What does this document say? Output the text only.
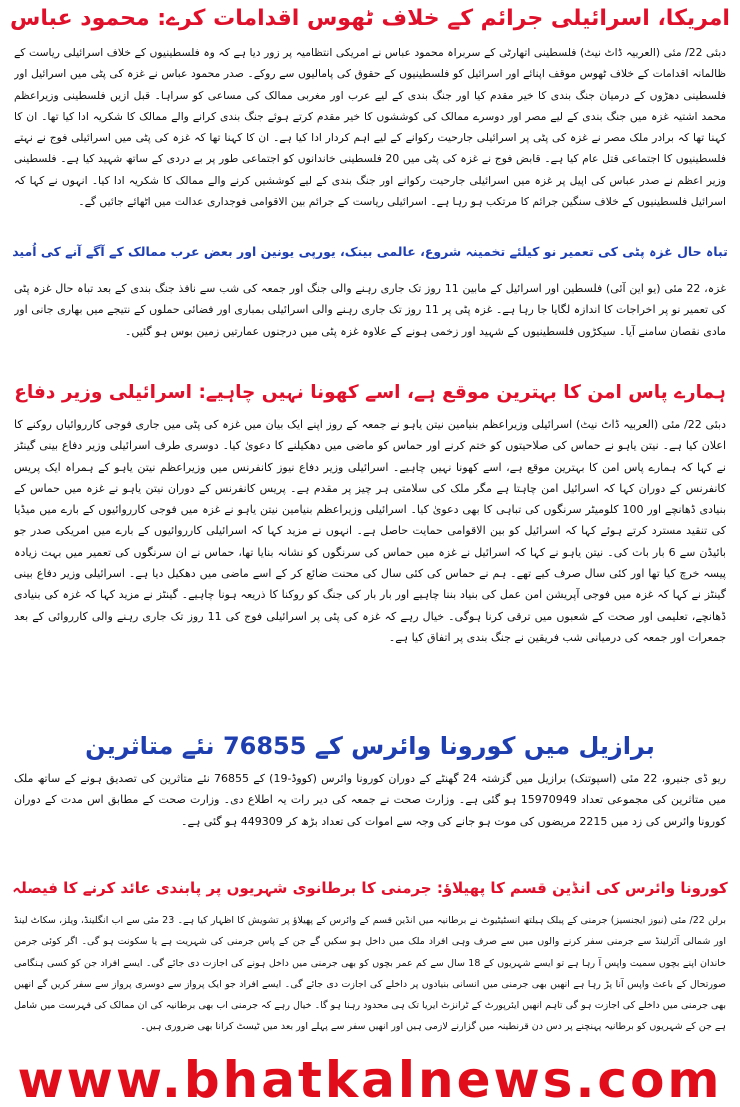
امریکا، اسرائیلی جرائم کے خلاف ٹھوس اقدامات کرے: محمود عباس
دبئی 22/ مئی (العربیہ ڈاٹ نیٹ) فلسطینی اتھارٹی کے سربراہ محمود عباس نے امریکی انتظامیہ پر زور دیا ہے کہ وہ فلسطینیوں کے خلاف اسرائیلی ریاست کے ظالمانہ اقدامات کے خلاف ٹھوس موقف اپنائے اور اسرائیل کو فلسطینیوں کے حقوق کی پامالیوں سے روکے۔ صدر محمود عباس نے غزہ کی پٹی میں اسرائیل اور فلسطینی دھڑوں کے درمیان جنگ بندی کا خیر مقدم کیا اور جنگ بندی کے لیے عرب اور مغربی ممالک کی مساعی کو سراہا۔ قبل ازیں فلسطینی وزیراعظم محمد اشتیہ غزہ میں جنگ بندی کے لیے مصر اور دوسرے ممالک کی کوششوں کا خیر مقدم کرتے ہوئے جنگ بندی کرانے والے ممالک کا شکریہ ادا کیا تھا۔ ان کا کہنا تھا کہ برادر ملک مصر نے غزہ کی پٹی پر اسرائیلی جارحیت رکوانے کے لیے اہم کردار ادا کیا ہے۔ ان کا کہنا تھا کہ غزہ کی پٹی میں اسرائیلی فوج نے نہتے فلسطینیوں کا اجتماعی قتل عام کیا ہے۔ قابض فوج نے غزہ کی پٹی میں 20 فلسطینی خاندانوں کو اجتماعی طور پر بے دردی کے ساتھ شہید کیا ہے۔ فلسطینی وزیر اعظم نے صدر عباس کی اپیل پر غزہ میں اسرائیلی جارحیت رکوانے اور جنگ بندی کے لیے کوششیں کرنے والے ممالک کا شکریہ ادا کیا۔ انہوں نے کہا کہ اسرائیل فلسطینیوں کے خلاف سنگین جرائم کا مرتکب ہو رہا ہے۔ اسرائیلی ریاست کے جرائم بین الاقوامی فوجداری عدالت میں اٹھائے جائیں گے۔
تباہ حال غزہ پٹی کی تعمیر نو کیلئے تخمینہ شروع، عالمی بینک، یورپی یونین اور بعض عرب ممالک کے آگے آنے کی اُمید
غزہ، 22 مئی (یو این آئی) فلسطین اور اسرائیل کے مابین 11 روز تک جاری رہنے والی جنگ اور جمعہ کی شب سے نافذ جنگ بندی کے بعد تباہ حال غزہ پٹی کی تعمیر نو پر اخراجات کا اندازہ لگایا جا رہا ہے۔ غزہ پٹی پر 11 روز تک جاری رہنے والی اسرائیلی بمباری اور فضائی حملوں کے نتیجے میں بھاری جانی اور مادی نقصان سامنے آیا۔ سیکڑوں فلسطینیوں کے شہید اور زخمی ہونے کے علاوہ غزہ پٹی میں درجنوں عمارتیں زمین بوس ہو گئیں۔
ہمارے پاس امن کا بہترین موقع ہے، اسے کھونا نہیں چاہیے: اسرائیلی وزیر دفاع
دبئی 22/ مئی (العربیہ ڈاٹ نیٹ) اسرائیلی وزیراعظم بنیامین نیتن یاہو نے جمعہ کے روز اپنے ایک بیان میں غزہ کی پٹی میں جاری فوجی کارروائیاں روکنے کا اعلان کیا ہے۔ نیتن یاہو نے حماس کی صلاحیتوں کو ختم کرنے اور حماس کو ماضی میں دھکیلنے کا دعویٰ کیا۔ دوسری طرف اسرائیلی وزیر دفاع بینی گینٹز نے کہا کہ ہمارے پاس امن کا بہترین موقع ہے، اسے کھونا نہیں چاہیے۔ اسرائیلی وزیر دفاع نیوز کانفرنس میں وزیراعظم نیتن یاہو کے ہمراہ ایک پریس کانفرنس کے دوران کہا کہ اسرائیل امن چاہتا ہے مگر ملک کی سلامتی ہر چیز پر مقدم ہے۔ پریس کانفرنس کے دوران نیتن یاہو نے غزہ میں حماس کے بنیادی ڈھانچے اور 100 کلومیٹر سرنگوں کی تباہی کا بھی دعویٰ کیا۔ اسرائیلی وزیراعظم بنیامین نیتن یاہو نے غزہ میں فوجی کارروائیوں کے بارے میں میڈیا کی تنقید مسترد کرتے ہوئے کہا کہ اسرائیل کو بین الاقوامی حمایت حاصل ہے۔ انہوں نے مزید کہا کہ اسرائیلی کارروائیوں کے بارے میں امریکی صدر جو بائیڈن سے 6 بار بات کی۔ نیتن یاہو نے کہا کہ اسرائیل نے غزہ میں حماس کی سرنگوں کو نشانہ بنایا تھا، حماس نے ان سرنگوں کی تعمیر میں بہت زیادہ پیسہ خرچ کیا تھا اور کئی سال صرف کیے تھے۔ ہم نے حماس کی کئی سال کی محنت ضائع کر کے اسے ماضی میں دھکیل دیا ہے۔ اسرائیلی وزیر دفاع بینی گینٹز نے کہا کہ غزہ میں فوجی آپریشن امن عمل کی بنیاد بننا چاہیے اور بار بار کی جنگ کو روکنا کا ذریعہ ہونا چاہیے۔ گینٹز نے مزید کہا کہ غزہ کی بنیادی ڈھانچے، تعلیمی اور صحت کے شعبوں میں ترقی کرنا ہوگی۔ خیال رہے کہ غزہ کی پٹی پر اسرائیلی فوج کی 11 روز تک جاری رہنے والی کارروائی کے بعد جمعرات اور جمعہ کی درمیانی شب فریقین نے جنگ بندی پر اتفاق کیا ہے۔
برازیل میں کورونا وائرس کے 76855 نئے متاثرین
ریو ڈی جنیرو، 22 مئی (اسپوتنک) برازیل میں گزشتہ 24 گھنٹے کے دوران کورونا وائرس (کووڈ-19) کے 76855 نئے متاثرین کی تصدیق ہونے کے ساتھ ملک میں متاثرین کی مجموعی تعداد 15970949 ہو گئی ہے۔ وزارت صحت نے جمعہ کی دیر رات یہ اطلاع دی۔ وزارت صحت کے مطابق اس مدت کے دوران کورونا وائرس کی زد میں 2215 مریضوں کی موت ہو جانے کی وجہ سے اموات کی تعداد بڑھ کر 449309 ہو گئی ہے۔
کورونا وائرس کی انڈین قسم کا پھیلاؤ: جرمنی کا برطانوی شہریوں پر پابندی عائد کرنے کا فیصلہ
برلن 22/ مئی (نیوز ایجنسیز) جرمنی کے پبلک ہیلتھ انسٹیٹیوٹ نے برطانیہ میں انڈین قسم کے وائرس کے پھیلاؤ پر تشویش کا اظہار کیا ہے۔ 23 مئی سے اب انگلینڈ، ویلز، سکاٹ لینڈ اور شمالی آئرلینڈ سے جرمنی سفر کرنے والوں میں سے صرف وہی افراد ملک میں داخل ہو سکیں گے جن کے پاس جرمنی کی شہریت ہے یا سکونت ہو گی۔ اگر کوئی جرمن خاندان اپنے بچوں سمیت واپس آ رہا ہے تو ایسے شہریوں کے 18 سال سے کم عمر بچوں کو بھی جرمنی میں داخل ہونے کی اجازت دی جائے گی۔ ایسے افراد جن کو کسی ہنگامی صورتحال کے باعث واپس آنا پڑ رہا ہے انھیں بھی جرمنی میں انسانی بنیادوں پر داخلے کی اجازت دی جائے گی۔ ایسے افراد جو ایک پرواز سے دوسری پرواز سے سفر کریں گے انھیں بھی جرمنی میں داخلے کی اجازت ہو گی تاہم انھیں ایئرپورٹ کے ٹرانزٹ ایریا تک ہی محدود رہنا ہو گا۔ خیال رہے کہ جرمنی اب بھی برطانیہ کی ان ممالک کی فہرست میں شامل ہے جن کے شہریوں کو برطانیہ پہنچنے پر دس دن قرنطینہ میں گزارنے لازمی ہیں اور انھیں سفر سے پہلے اور بعد میں ٹیسٹ کرانا بھی ضروری ہیں۔
www.bhatkalnews.com
